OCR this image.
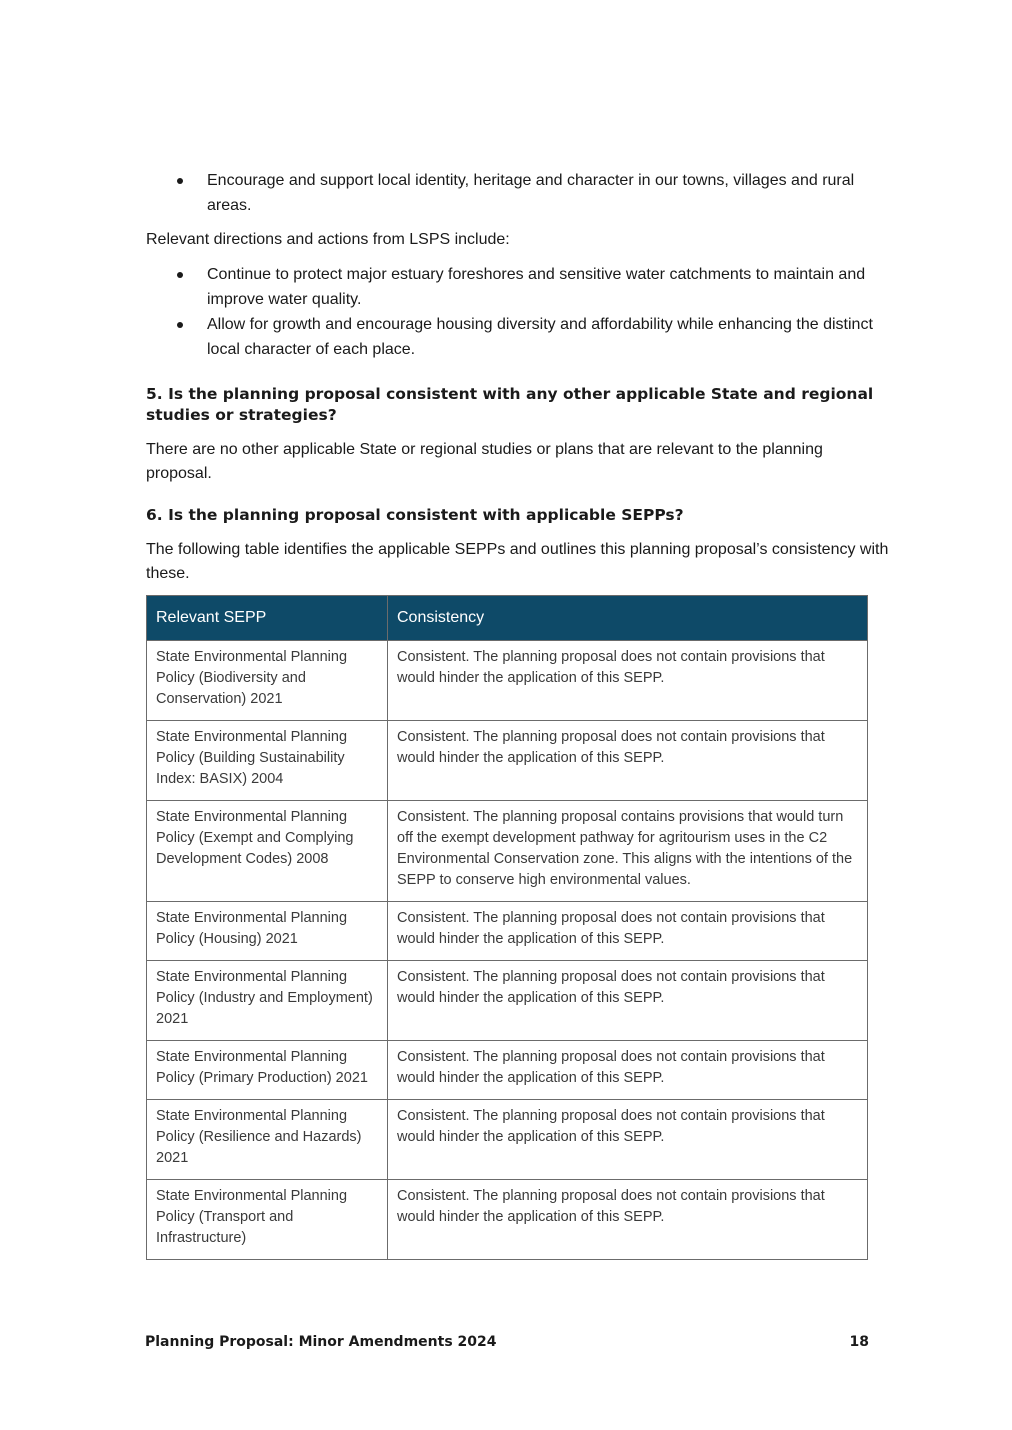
Encourage and support local identity, heritage and character in our towns, villages and rural areas.

Relevant directions and actions from LSPS include:

Continue to protect major estuary foreshores and sensitive water catchments to maintain and improve water quality.
Allow for growth and encourage housing diversity and affordability while enhancing the distinct local character of each place.
5. Is the planning proposal consistent with any other applicable State and regional studies or strategies?

There are no other applicable State or regional studies or plans that are relevant to the planning proposal.

6. Is the planning proposal consistent with applicable SEPPs?

The following table identifies the applicable SEPPs and outlines this planning proposal’s consistency with these.

Relevant SEPP	Consistency
State Environmental Planning Policy (Biodiversity and Conservation) 2021	Consistent. The planning proposal does not contain provisions that would hinder the application of this SEPP.
State Environmental Planning Policy (Building Sustainability Index: BASIX) 2004	Consistent. The planning proposal does not contain provisions that would hinder the application of this SEPP.
State Environmental Planning Policy (Exempt and Complying Development Codes) 2008	Consistent. The planning proposal contains provisions that would turn off the exempt development pathway for agritourism uses in the C2 Environmental Conservation zone. This aligns with the intentions of the SEPP to conserve high environmental values.
State Environmental Planning Policy (Housing) 2021	Consistent. The planning proposal does not contain provisions that would hinder the application of this SEPP.
State Environmental Planning Policy (Industry and Employment) 2021	Consistent. The planning proposal does not contain provisions that would hinder the application of this SEPP.
State Environmental Planning Policy (Primary Production) 2021	Consistent. The planning proposal does not contain provisions that would hinder the application of this SEPP.
State Environmental Planning Policy (Resilience and Hazards) 2021	Consistent. The planning proposal does not contain provisions that would hinder the application of this SEPP.
State Environmental Planning Policy (Transport and Infrastructure)	Consistent. The planning proposal does not contain provisions that would hinder the application of this SEPP.
Planning Proposal: Minor Amendments 2024	18
